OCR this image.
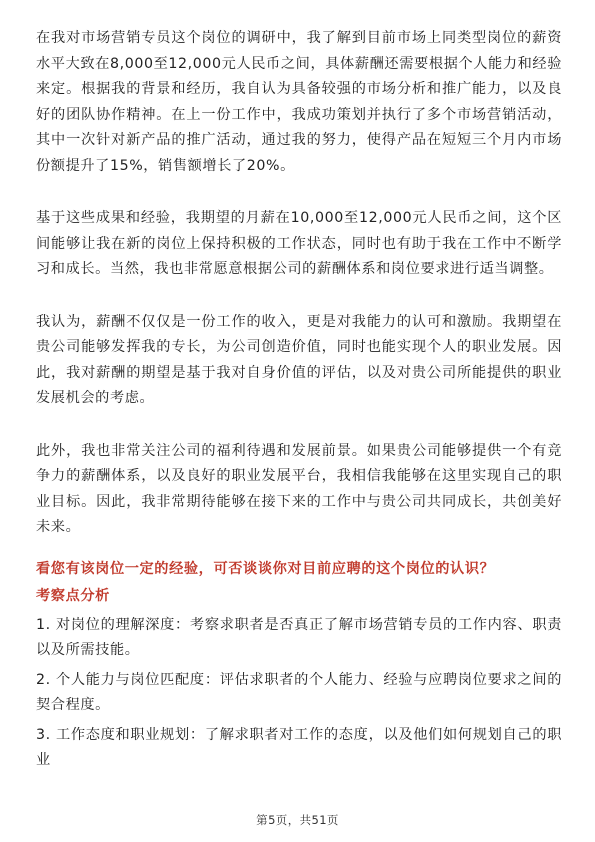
在我对市场营销专员这个岗位的调研中，我了解到目前市场上同类型岗位的薪资水平大致在8,000至12,000元人民币之间，具体薪酬还需要根据个人能力和经验来定。根据我的背景和经历，我自认为具备较强的市场分析和推广能力，以及良好的团队协作精神。在上一份工作中，我成功策划并执行了多个市场营销活动，其中一次针对新产品的推广活动，通过我的努力，使得产品在短短三个月内市场份额提升了15%，销售额增长了20%。

基于这些成果和经验，我期望的月薪在10,000至12,000元人民币之间，这个区间能够让我在新的岗位上保持积极的工作状态，同时也有助于我在工作中不断学习和成长。当然，我也非常愿意根据公司的薪酬体系和岗位要求进行适当调整。

我认为，薪酬不仅仅是一份工作的收入，更是对我能力的认可和激励。我期望在贵公司能够发挥我的专长，为公司创造价值，同时也能实现个人的职业发展。因此，我对薪酬的期望是基于我对自身价值的评估，以及对贵公司所能提供的职业发展机会的考虑。

此外，我也非常关注公司的福利待遇和发展前景。如果贵公司能够提供一个有竞争力的薪酬体系，以及良好的职业发展平台，我相信我能够在这里实现自己的职业目标。因此，我非常期待能够在接下来的工作中与贵公司共同成长，共创美好未来。

看您有该岗位一定的经验，可否谈谈你对目前应聘的这个岗位的认识？

考察点分析

1. 对岗位的理解深度：考察求职者是否真正了解市场营销专员的工作内容、职责以及所需技能。

2. 个人能力与岗位匹配度：评估求职者的个人能力、经验与应聘岗位要求之间的契合程度。

3. 工作态度和职业规划：了解求职者对工作的态度，以及他们如何规划自己的职业

第5页，共51页
